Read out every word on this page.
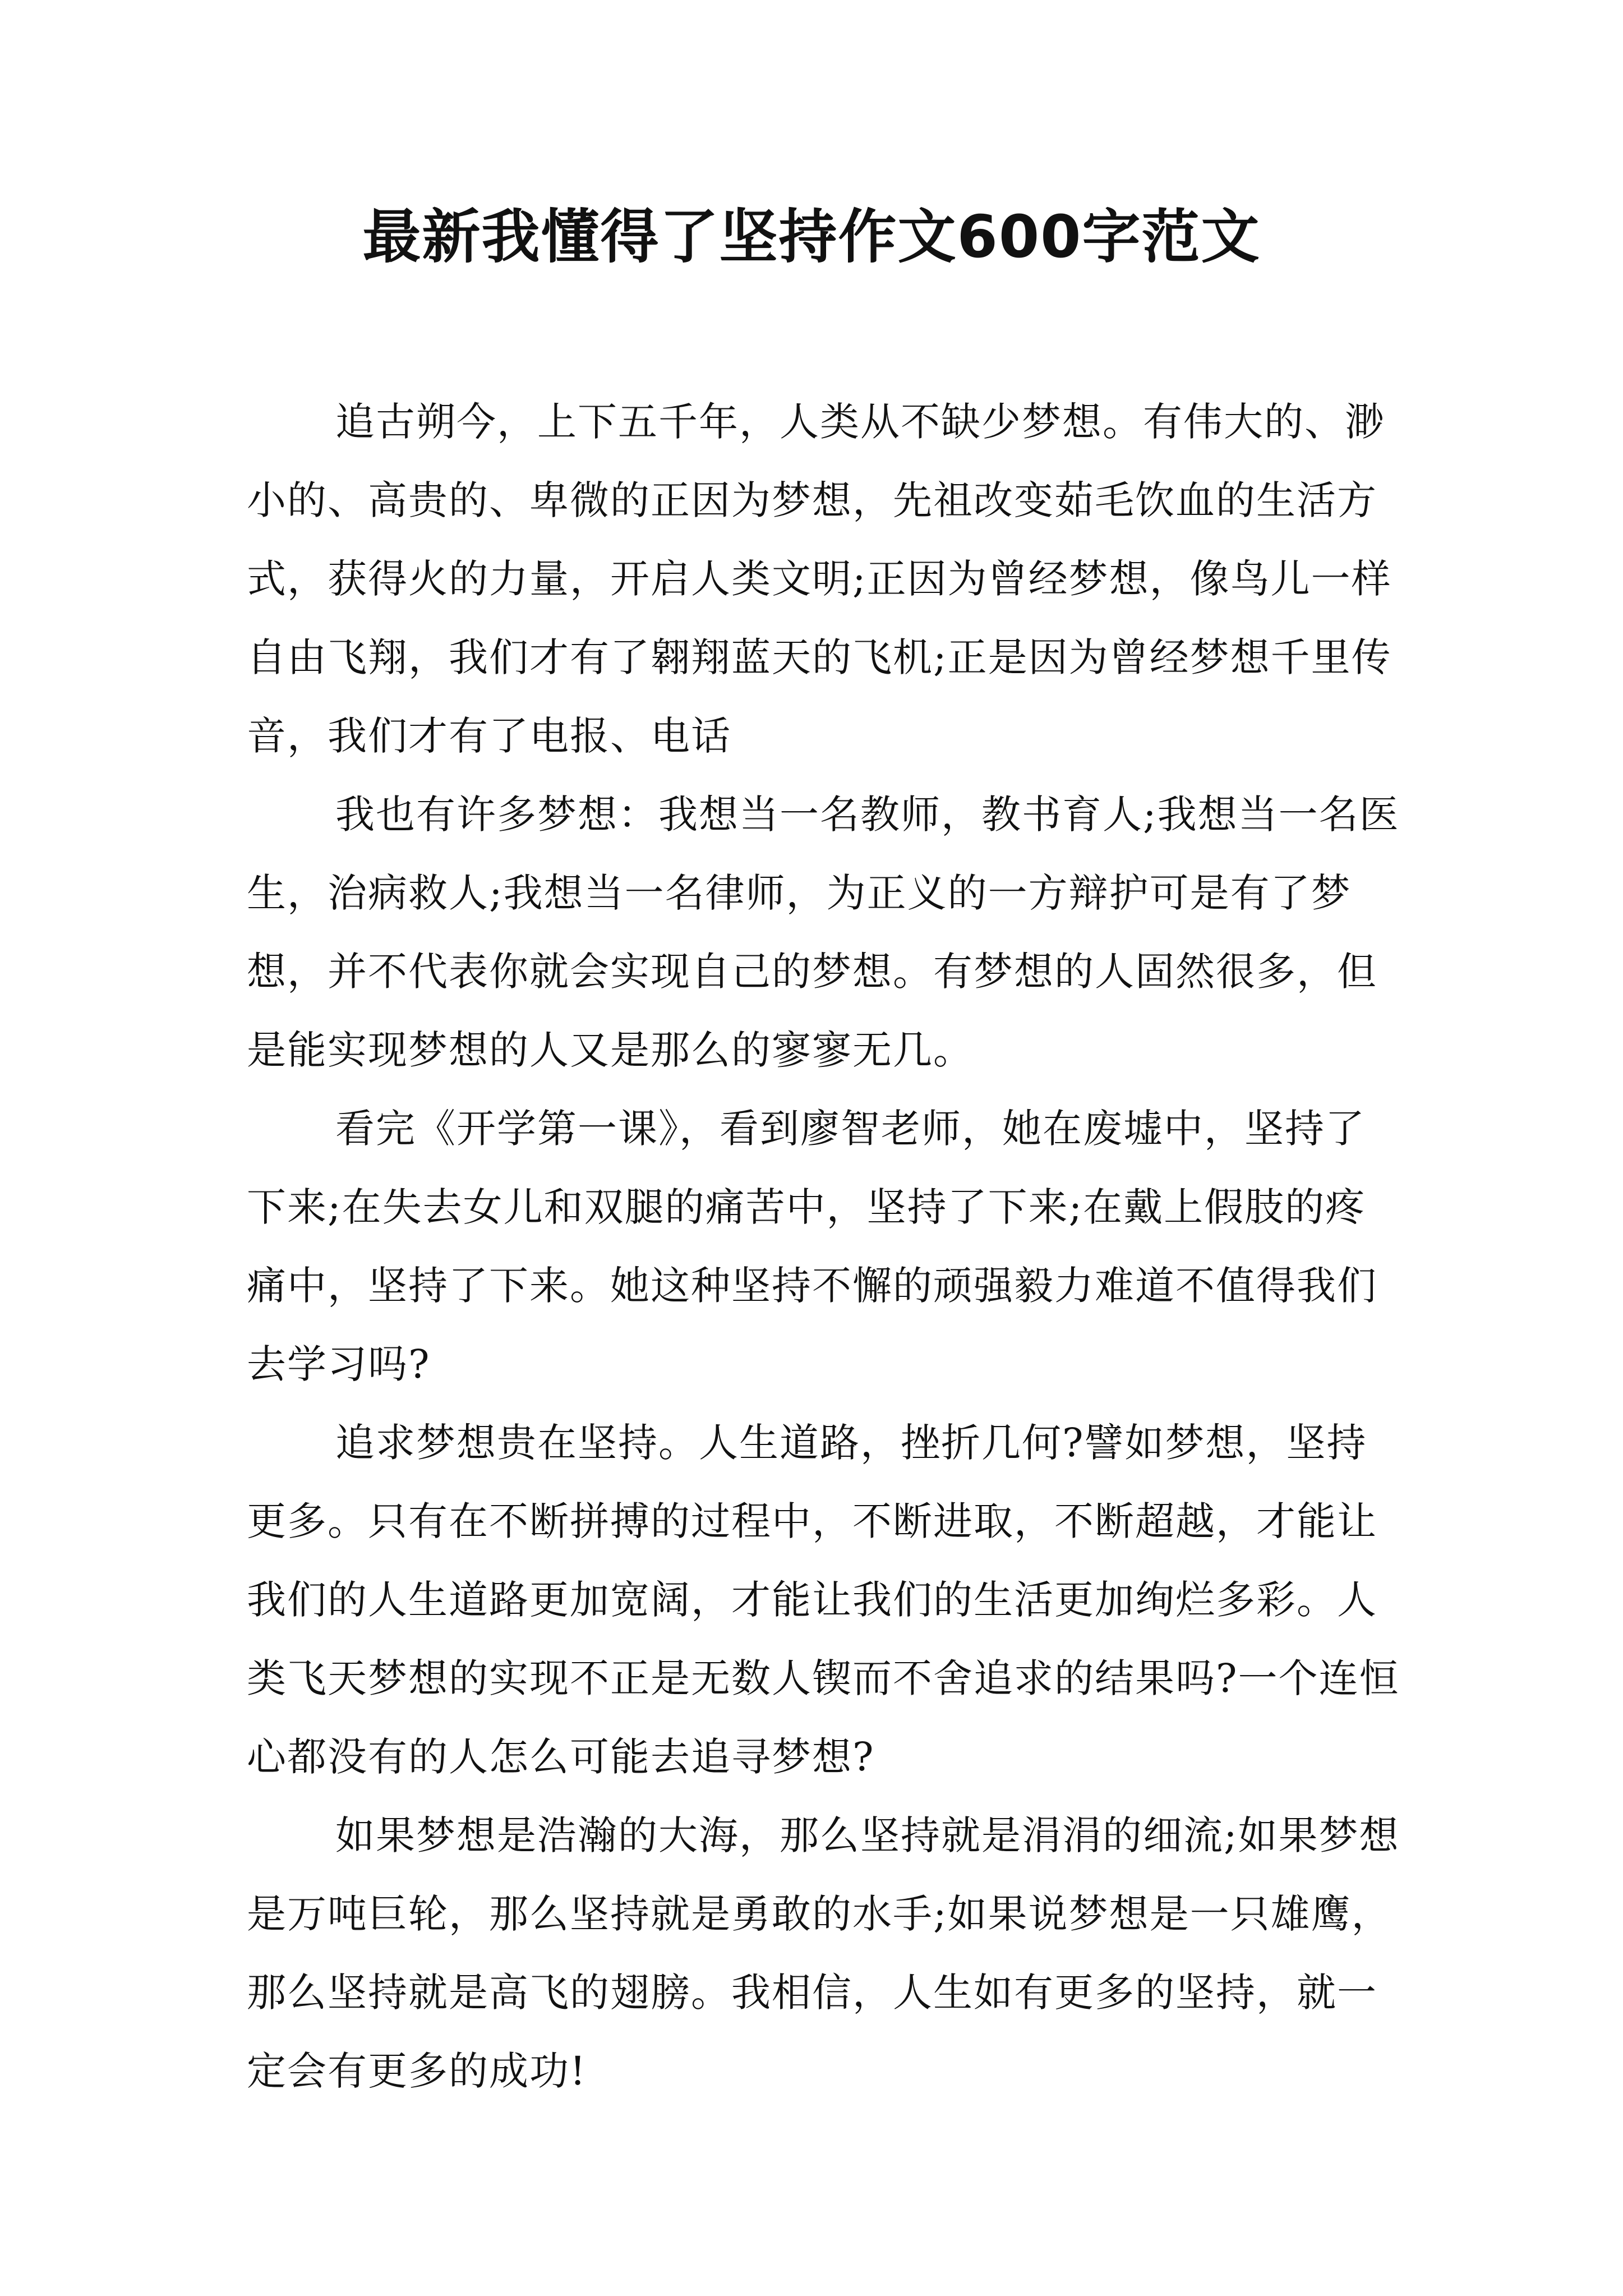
最新我懂得了坚持作文600字范文

追古朔今，上下五千年，人类从不缺少梦想。有伟大的、渺小的、高贵的、卑微的正因为梦想，先祖改变茹毛饮血的生活方式，获得火的力量，开启人类文明;正因为曾经梦想，像鸟儿一样自由飞翔，我们才有了翱翔蓝天的飞机;正是因为曾经梦想千里传音，我们才有了电报、电话

我也有许多梦想：我想当一名教师，教书育人;我想当一名医生，治病救人;我想当一名律师，为正义的一方辩护可是有了梦想，并不代表你就会实现自己的梦想。有梦想的人固然很多，但是能实现梦想的人又是那么的寥寥无几。

看完《开学第一课》，看到廖智老师，她在废墟中，坚持了下来;在失去女儿和双腿的痛苦中，坚持了下来;在戴上假肢的疼痛中，坚持了下来。她这种坚持不懈的顽强毅力难道不值得我们去学习吗?

追求梦想贵在坚持。人生道路，挫折几何?譬如梦想，坚持更多。只有在不断拼搏的过程中，不断进取，不断超越，才能让我们的人生道路更加宽阔，才能让我们的生活更加绚烂多彩。人类飞天梦想的实现不正是无数人锲而不舍追求的结果吗?一个连恒心都没有的人怎么可能去追寻梦想?

如果梦想是浩瀚的大海，那么坚持就是涓涓的细流;如果梦想是万吨巨轮，那么坚持就是勇敢的水手;如果说梦想是一只雄鹰，那么坚持就是高飞的翅膀。我相信，人生如有更多的坚持，就一定会有更多的成功!
